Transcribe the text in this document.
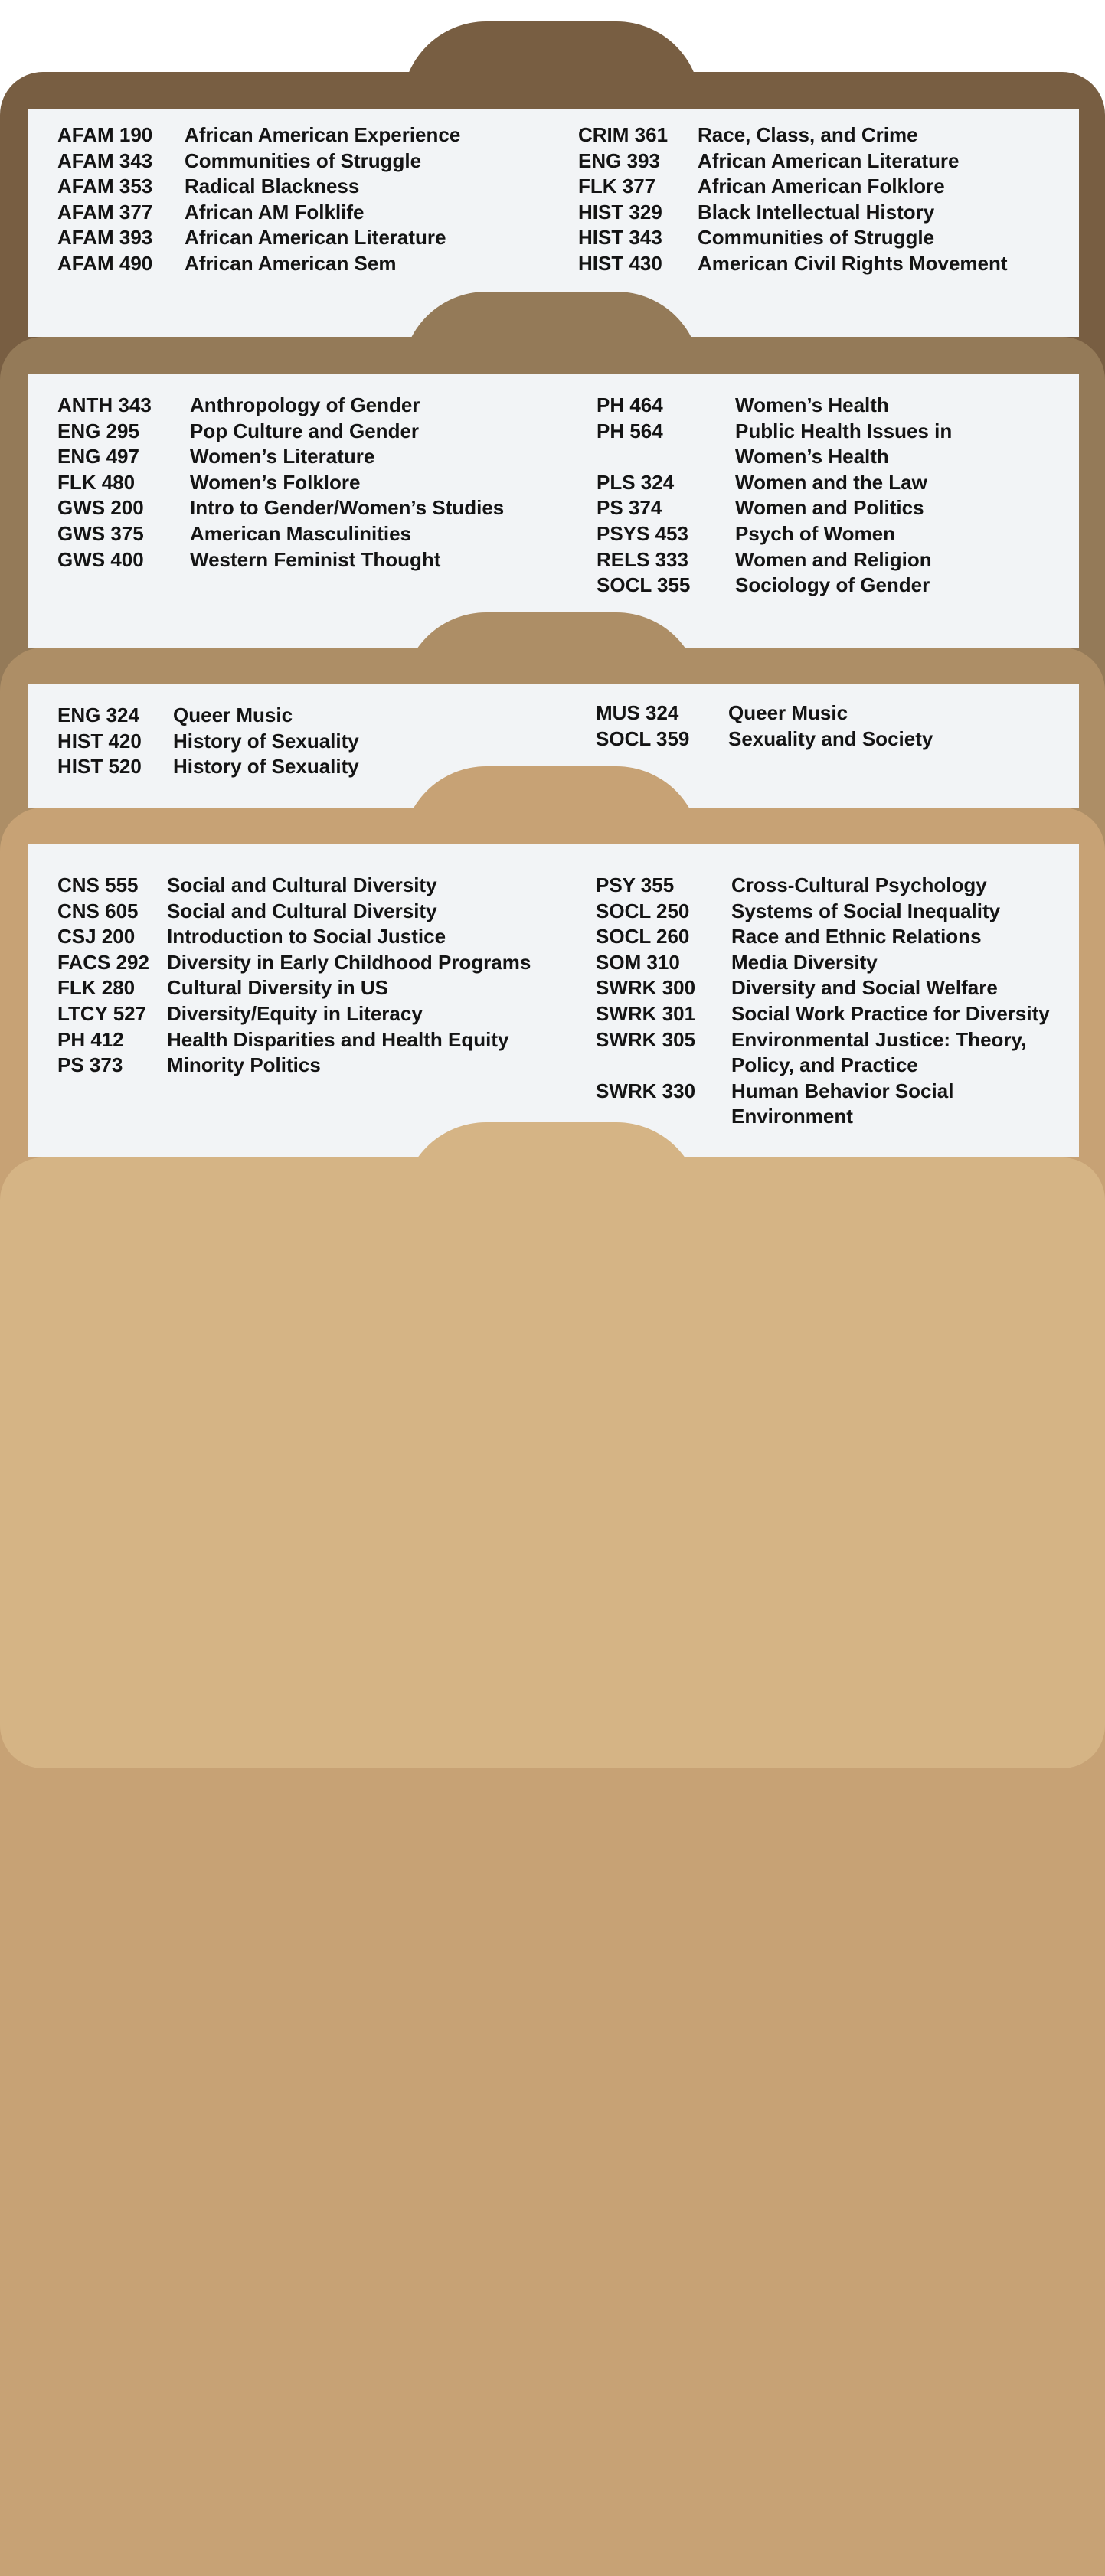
AFAM 190	African American Experience
AFAM 343	Communities of Struggle
AFAM 353	Radical Blackness
AFAM 377	African AM Folklife
AFAM 393	African American Literature
AFAM 490	African American Sem
CRIM 361	Race, Class, and Crime
ENG 393	African American Literature
FLK 377	African American Folklore
HIST 329	Black Intellectual History
HIST 343	Communities of Struggle
HIST 430	American Civil Rights Movement
ANTH 343	Anthropology of Gender
ENG 295	Pop Culture and Gender
ENG 497	Women’s Literature
FLK 480	Women’s Folklore
GWS 200	Intro to Gender/Women’s Studies
GWS 375	American Masculinities
GWS 400	Western Feminist Thought
PH 464	Women’s Health
PH 564	Public Health Issues in
Women’s Health
PLS 324	Women and the Law
PS 374	Women and Politics
PSYS 453	Psych of Women
RELS 333	Women and Religion
SOCL 355	Sociology of Gender
ENG 324	Queer Music
HIST 420	History of Sexuality
HIST 520	History of Sexuality
MUS 324	Queer Music
SOCL 359	Sexuality and Society
CNS 555	Social and Cultural Diversity
CNS 605	Social and Cultural Diversity
CSJ 200	Introduction to Social Justice
FACS 292 Diversity in Early Childhood Programs
FLK 280	Cultural Diversity in US
LTCY 527	Diversity/Equity in Literacy
PH 412	Health Disparities and Health Equity
PS 373	Minority Politics
PSY 355	Cross-Cultural Psychology
SOCL 250	Systems of Social Inequality
SOCL 260	Race and Ethnic Relations
SOM 310	Media Diversity
SWRK 300	Diversity and Social Welfare
SWRK 301	Social Work Practice for Diversity
SWRK 305	Environmental Justice: Theory,
Policy, and Practice
SWRK 330	Human Behavior Social
Environment
